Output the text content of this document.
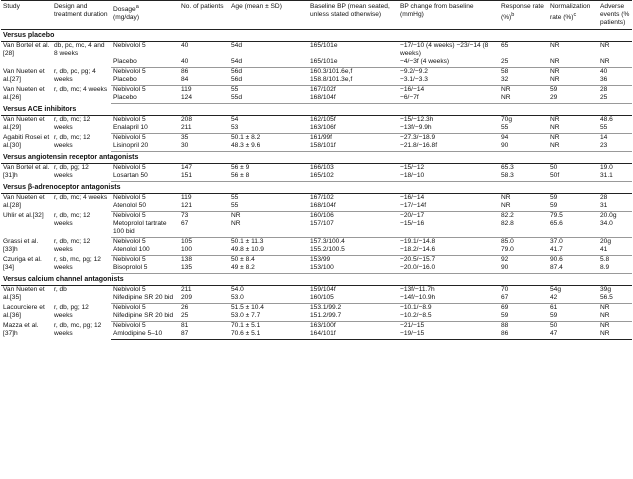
Study	Design and treatment duration	Dosage$^a$
(mg/day)	No. of patients	Age (mean ± SD)	Baseline BP (mean seated, unless stated otherwise)	BP change from baseline (mmHg)	Response rate (%)$^b$	Normalization rate (%)$^c$	Adverse events (% patients)
Versus placebo									
Van Bortel et al.[28]	db, pc, mc, 4 and 8 weeks	Nebivolol 5	40	54d	165/101e	−17/−10 (4 weeks) −23/−14 (8 weeks)	65	NR	NR
		Placebo	40	54d	165/101e	−4/−3f (4 weeks)	25	NR	NR
Van Nueten et al.[27]	r, db, pc, pg; 4 weeks	Nebivolol 5	86	56d	160.3/101.6e,f	−9.2/−9.2	58	NR	40
		Placebo	84	56d	158.8/101.3e,f	−3.1/−3.3	32	NR	36
Van Nueten et al.[26]	r, db, mc; 4 weeks	Nebivolol 5	119	55	167/102f	−16/−14	NR	59	28
		Placebo	124	55d	168/104f	−6/−7f	NR	29	25
Versus ACE inhibitors									
Van Nueten et al.[29]	r, db, mc; 12 weeks	Nebivolol 5	208	54	162/105f	−15/−12.3h	70g	NR	48.6
		Enalapril 10	211	53	163/106f	−13f/−9.9h	55	NR	55
Agabiti Rosei et al.[30]	r, db, mc; 12 weeks	Nebivolol 5	35	50.1 ± 8.2	161/99f	−27.3/−18.9	94	NR	14
		Lisinopril 20	30	48.3 ± 9.6	158/101f	−21.8/−16.8f	90	NR	23
Versus angiotensin receptor antagonists									
Van Bortel et al.[31]h	r, db, pg; 12 weeks	Nebivolol 5	147	56 ± 9	166/103	−15/−12	65.3	50	19.0
		Losartan 50	151	56 ± 8	165/102	−18/−10	58.3	50f	31.1
Versus β-adrenoceptor antagonists									
Van Nueten et al.[28]	r, db, mc; 4 weeks	Nebivolol 5	119	55	167/102	−16/−14	NR	59	28
		Atenolol 50	121	55	168/104f	−17/−14f	NR	59	31
Uhlir et al.[32]	r, db, mc; 12 weeks	Nebivolol 5	73	NR	160/106	−20/−17	82.2	79.5	20.0g
		Metoprolol tartrate 100 bid	67	NR	157/107	−15/−16	82.8	65.6	34.0
Grassi et al.[33]h	r, db, mc; 12 weeks	Nebivolol 5	105	50.1 ± 11.3	157.3/100.4	−19.1/−14.8	85.0	37.0	20g
		Atenolol 100	100	49.8 ± 10.9	155.2/100.5	−18.2/−14.6	79.0	41.7	41
Czuriga et al.[34]	r, sb, mc, pg; 12 weeks	Nebivolol 5	138	50 ± 8.4	153/99	−20.5/−15.7	92	90.6	5.8
		Bisoprolol 5	135	49 ± 8.2	153/100	−20.0/−16.0	90	87.4	8.9
Versus calcium channel antagonists									
Van Nueten et al.[35]	r, db	Nebivolol 5	211	54.0	159/104f	−13f/−11.7h	70	54g	39g
		Nifedipine SR 20 bid	209	53.0	160/105	−14f/−10.9h	67	42	56.5
Lacourciere et al.[36]	r, db, pg; 12 weeks	Nebivolol 5	26	51.5 ± 10.4	153.1/99.2	−10.1/−8.9	69	61	NR
		Nifedipine SR 20 bid	25	53.0 ± 7.7	151.2/99.7	−10.2/−8.5	59	59	NR
Mazza et al.[37]h	r, db, mc, pg; 12 weeks	Nebivolol 5	81	70.1 ± 5.1	163/100f	−21/−15	88	50	NR
		Amlodipine 5–10	87	70.6 ± 5.1	164/101f	−19/−15	86	47	NR
